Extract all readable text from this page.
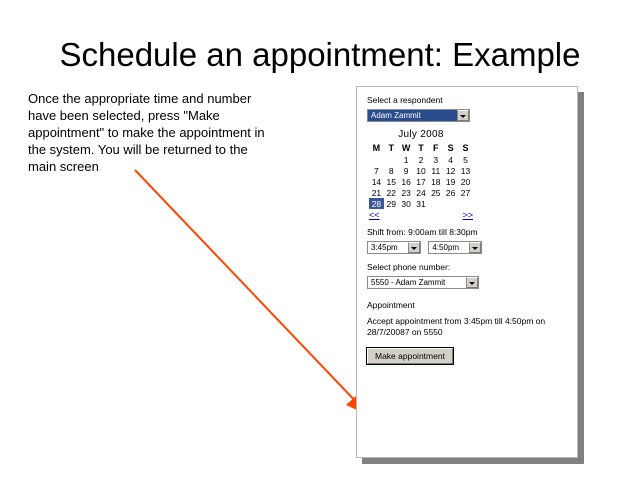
Schedule an appointment: Example
Once the appropriate time and number have been selected, press "Make appointment" to make the appointment in the system. You will be returned to the main screen
Select a respondent
Adam Zammit
July 2008
M	T	W	T	F	S	S
		1	2	3	4	5
7	8	9	10	11	12	13
14	15	16	17	18	19	20
21	22	23	24	25	26	27
28	29	30	31			
<<	>>
Shift from: 9:00am till 8:30pm
3:45pm	4:50pm
Select phone number:
5550 - Adam Zammit
Appointment
Accept appointment from 3:45pm till 4:50pm on
28/7/20087 on 5550
Make appointment
